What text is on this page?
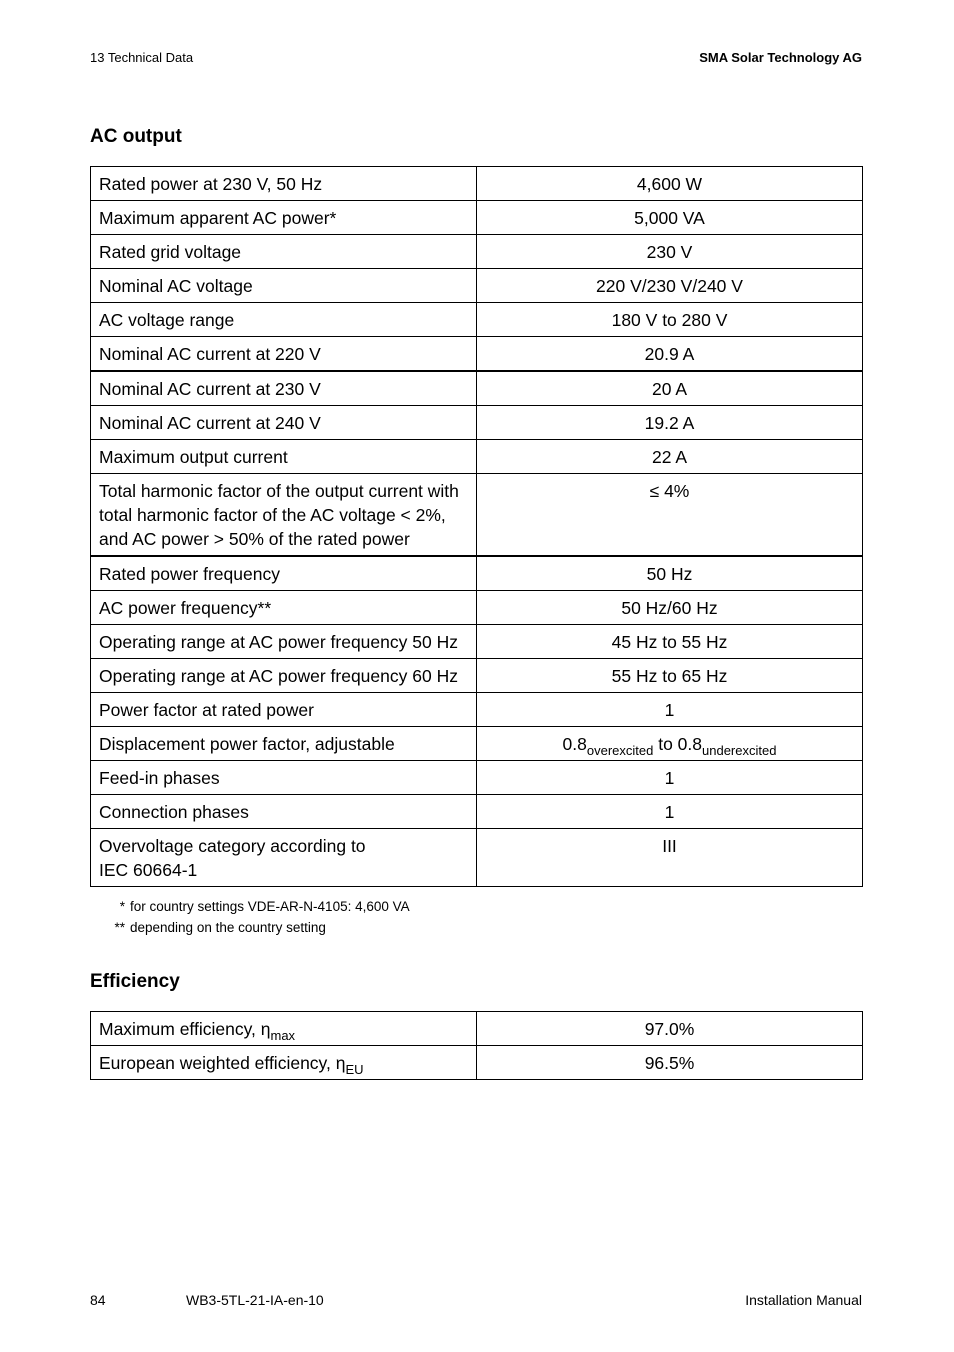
13 Technical Data	SMA Solar Technology AG
AC output
Rated power at 230 V, 50 Hz	4,600 W
Maximum apparent AC power*	5,000 VA
Rated grid voltage	230 V
Nominal AC voltage	220 V/230 V/240 V
AC voltage range	180 V to 280 V
Nominal AC current at 220 V	20.9 A
Nominal AC current at 230 V	20 A
Nominal AC current at 240 V	19.2 A
Maximum output current	22 A
Total harmonic factor of the output current with
total harmonic factor of the AC voltage < 2%,
and AC power > 50% of the rated power	≤ 4%
Rated power frequency	50 Hz
AC power frequency**	50 Hz/60 Hz
Operating range at AC power frequency 50 Hz	45 Hz to 55 Hz
Operating range at AC power frequency 60 Hz	55 Hz to 65 Hz
Power factor at rated power	1
Displacement power factor, adjustable	$0.8_{overexcited}$ to $0.8_{underexcited}$
Feed-in phases	1
Connection phases	1
Overvoltage category according to
IEC 60664-1	III
* for country settings VDE-AR-N-4105: 4,600 VA
** depending on the country setting
Efficiency
Maximum efficiency, $\eta_{max}$	97.0%
European weighted efficiency, $\eta_{EU}$	96.5%
84	WB3-5TL-21-IA-en-10	Installation Manual
